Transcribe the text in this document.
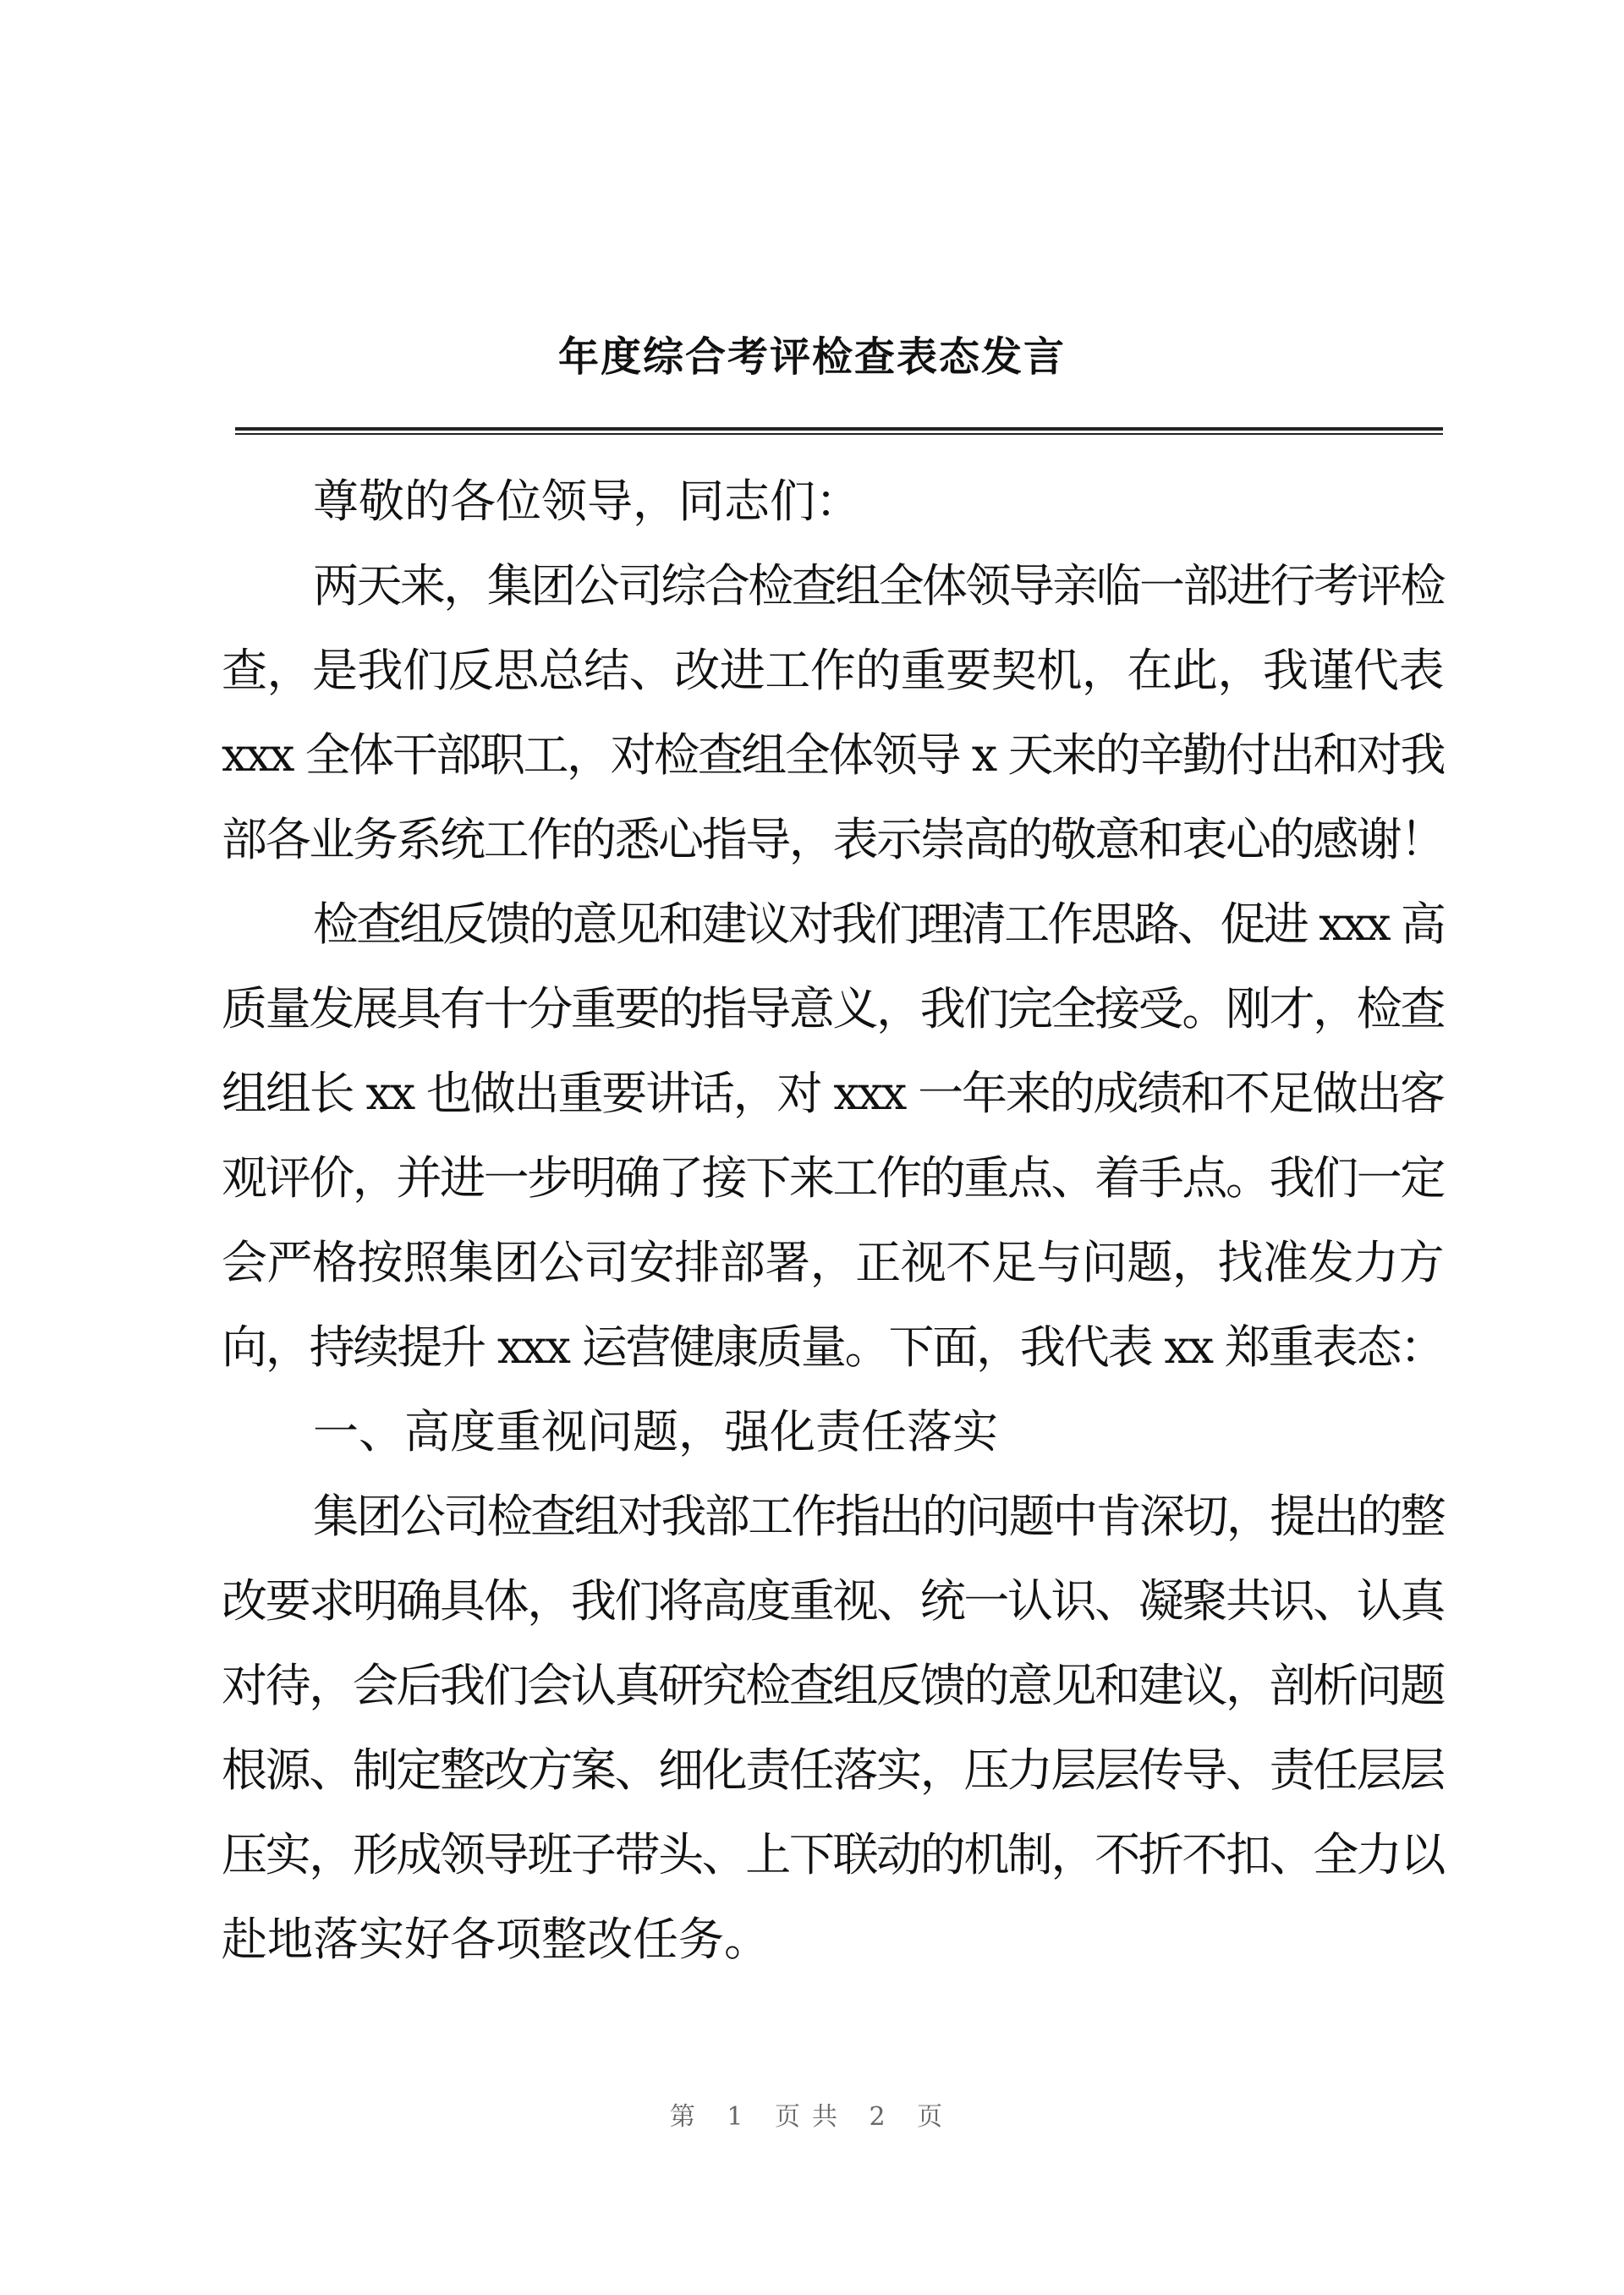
年度综合考评检查表态发言
尊敬的各位领导，同志们：
两天来，集团公司综合检查组全体领导亲临一部进行考评检
查，是我们反思总结、改进工作的重要契机，在此，我谨代表
xxx 全体干部职工，对检查组全体领导 x 天来的辛勤付出和对我
部各业务系统工作的悉心指导，表示崇高的敬意和衷心的感谢！
检查组反馈的意见和建议对我们理清工作思路、促进 xxx 高
质量发展具有十分重要的指导意义，我们完全接受。刚才，检查
组组长 xx 也做出重要讲话，对 xxx 一年来的成绩和不足做出客
观评价，并进一步明确了接下来工作的重点、着手点。我们一定
会严格按照集团公司安排部署，正视不足与问题，找准发力方
向，持续提升 xxx 运营健康质量。下面，我代表 xx 郑重表态：
一、高度重视问题，强化责任落实
集团公司检查组对我部工作指出的问题中肯深切，提出的整
改要求明确具体，我们将高度重视、统一认识、凝聚共识、认真
对待，会后我们会认真研究检查组反馈的意见和建议，剖析问题
根源、制定整改方案、细化责任落实，压力层层传导、责任层层
压实，形成领导班子带头、上下联动的机制，不折不扣、全力以
赴地落实好各项整改任务。
第 1 页共 2 页
